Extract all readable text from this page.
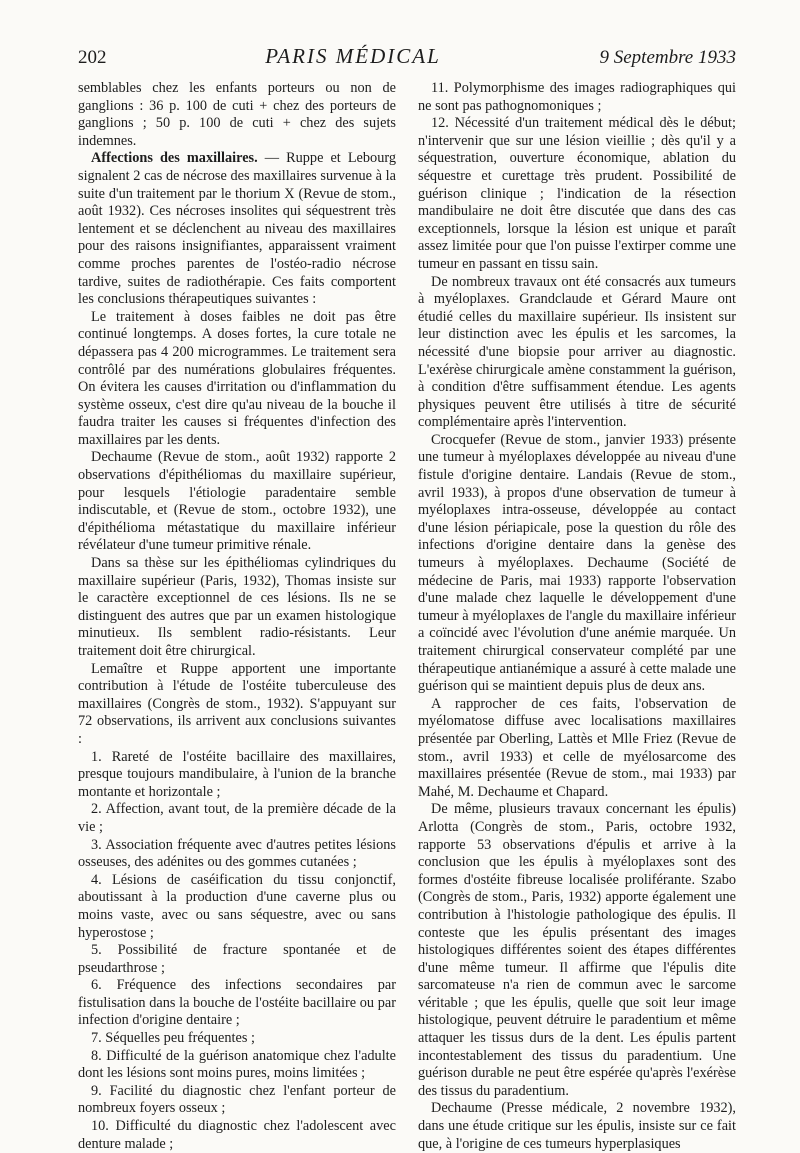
202	PARIS MÉDICAL	9 Septembre 1933

semblables chez les enfants porteurs ou non de ganglions : 36 p. 100 de cuti + chez des porteurs de ganglions ; 50 p. 100 de cuti + chez des sujets indemnes.

Affections des maxillaires. — Ruppe et Lebourg signalent 2 cas de nécrose des maxillaires survenue à la suite d'un traitement par le thorium X (Revue de stom., août 1932). Ces nécroses insolites qui séquestrent très lentement et se déclenchent au niveau des maxillaires pour des raisons insignifiantes, apparaissent vraiment comme proches parentes de l'ostéo-radio nécrose tardive, suites de radiothérapie. Ces faits comportent les conclusions thérapeutiques suivantes :

Le traitement à doses faibles ne doit pas être continué longtemps. A doses fortes, la cure totale ne dépassera pas 4 200 microgrammes. Le traitement sera contrôlé par des numérations globulaires fréquentes. On évitera les causes d'irritation ou d'inflammation du système osseux, c'est dire qu'au niveau de la bouche il faudra traiter les causes si fréquentes d'infection des maxillaires par les dents.

Dechaume (Revue de stom., août 1932) rapporte 2 observations d'épithéliomas du maxillaire supérieur, pour lesquels l'étiologie paradentaire semble indiscutable, et (Revue de stom., octobre 1932), une d'épithélioma métastatique du maxillaire inférieur révélateur d'une tumeur primitive rénale.

Dans sa thèse sur les épithéliomas cylindriques du maxillaire supérieur (Paris, 1932), Thomas insiste sur le caractère exceptionnel de ces lésions. Ils ne se distinguent des autres que par un examen histologique minutieux. Ils semblent radio-résistants. Leur traitement doit être chirurgical.

Lemaître et Ruppe apportent une importante contribution à l'étude de l'ostéite tuberculeuse des maxillaires (Congrès de stom., 1932). S'appuyant sur 72 observations, ils arrivent aux conclusions suivantes :

1. Rareté de l'ostéite bacillaire des maxillaires, presque toujours mandibulaire, à l'union de la branche montante et horizontale ;

2. Affection, avant tout, de la première décade de la vie ;

3. Association fréquente avec d'autres petites lésions osseuses, des adénites ou des gommes cutanées ;

4. Lésions de caséification du tissu conjonctif, aboutissant à la production d'une caverne plus ou moins vaste, avec ou sans séquestre, avec ou sans hyperostose ;

5. Possibilité de fracture spontanée et de pseudarthrose ;

6. Fréquence des infections secondaires par fistulisation dans la bouche de l'ostéite bacillaire ou par infection d'origine dentaire ;

7. Séquelles peu fréquentes ;

8. Difficulté de la guérison anatomique chez l'adulte dont les lésions sont moins pures, moins limitées ;

9. Facilité du diagnostic chez l'enfant porteur de nombreux foyers osseux ;

10. Difficulté du diagnostic chez l'adolescent avec denture malade ;

11. Polymorphisme des images radiographiques qui ne sont pas pathognomoniques ;

12. Nécessité d'un traitement médical dès le début; n'intervenir que sur une lésion vieillie ; dès qu'il y a séquestration, ouverture économique, ablation du séquestre et curettage très prudent. Possibilité de guérison clinique ; l'indication de la résection mandibulaire ne doit être discutée que dans des cas exceptionnels, lorsque la lésion est unique et paraît assez limitée pour que l'on puisse l'extirper comme une tumeur en passant en tissu sain.

De nombreux travaux ont été consacrés aux tumeurs à myéloplaxes. Grandclaude et Gérard Maure ont étudié celles du maxillaire supérieur. Ils insistent sur leur distinction avec les épulis et les sarcomes, la nécessité d'une biopsie pour arriver au diagnostic. L'exérèse chirurgicale amène constamment la guérison, à condition d'être suffisamment étendue. Les agents physiques peuvent être utilisés à titre de sécurité complémentaire après l'intervention.

Crocquefer (Revue de stom., janvier 1933) présente une tumeur à myéloplaxes développée au niveau d'une fistule d'origine dentaire. Landais (Revue de stom., avril 1933), à propos d'une observation de tumeur à myéloplaxes intra-osseuse, développée au contact d'une lésion périapicale, pose la question du rôle des infections d'origine dentaire dans la genèse des tumeurs à myéloplaxes. Dechaume (Société de médecine de Paris, mai 1933) rapporte l'observation d'une malade chez laquelle le développement d'une tumeur à myéloplaxes de l'angle du maxillaire inférieur a coïncidé avec l'évolution d'une anémie marquée. Un traitement chirurgical conservateur complété par une thérapeutique antianémique a assuré à cette malade une guérison qui se maintient depuis plus de deux ans.

A rapprocher de ces faits, l'observation de myélomatose diffuse avec localisations maxillaires présentée par Oberling, Lattès et Mlle Friez (Revue de stom., avril 1933) et celle de myélosarcome des maxillaires présentée (Revue de stom., mai 1933) par Mahé, M. Dechaume et Chapard.

De même, plusieurs travaux concernant les épulis) Arlotta (Congrès de stom., Paris, octobre 1932, rapporte 53 observations d'épulis et arrive à la conclusion que les épulis à myéloplaxes sont des formes d'ostéite fibreuse localisée proliférante. Szabo (Congrès de stom., Paris, 1932) apporte également une contribution à l'histologie pathologique des épulis. Il conteste que les épulis présentant des images histologiques différentes soient des étapes différentes d'une même tumeur. Il affirme que l'épulis dite sarcomateuse n'a rien de commun avec le sarcome véritable ; que les épulis, quelle que soit leur image histologique, peuvent détruire le paradentium et même attaquer les tissus durs de la dent. Les épulis partent incontestablement des tissus du paradentium. Une guérison durable ne peut être espérée qu'après l'exérèse des tissus du paradentium.

Dechaume (Presse médicale, 2 novembre 1932), dans une étude critique sur les épulis, insiste sur ce fait que, à l'origine de ces tumeurs hyperplasiques
